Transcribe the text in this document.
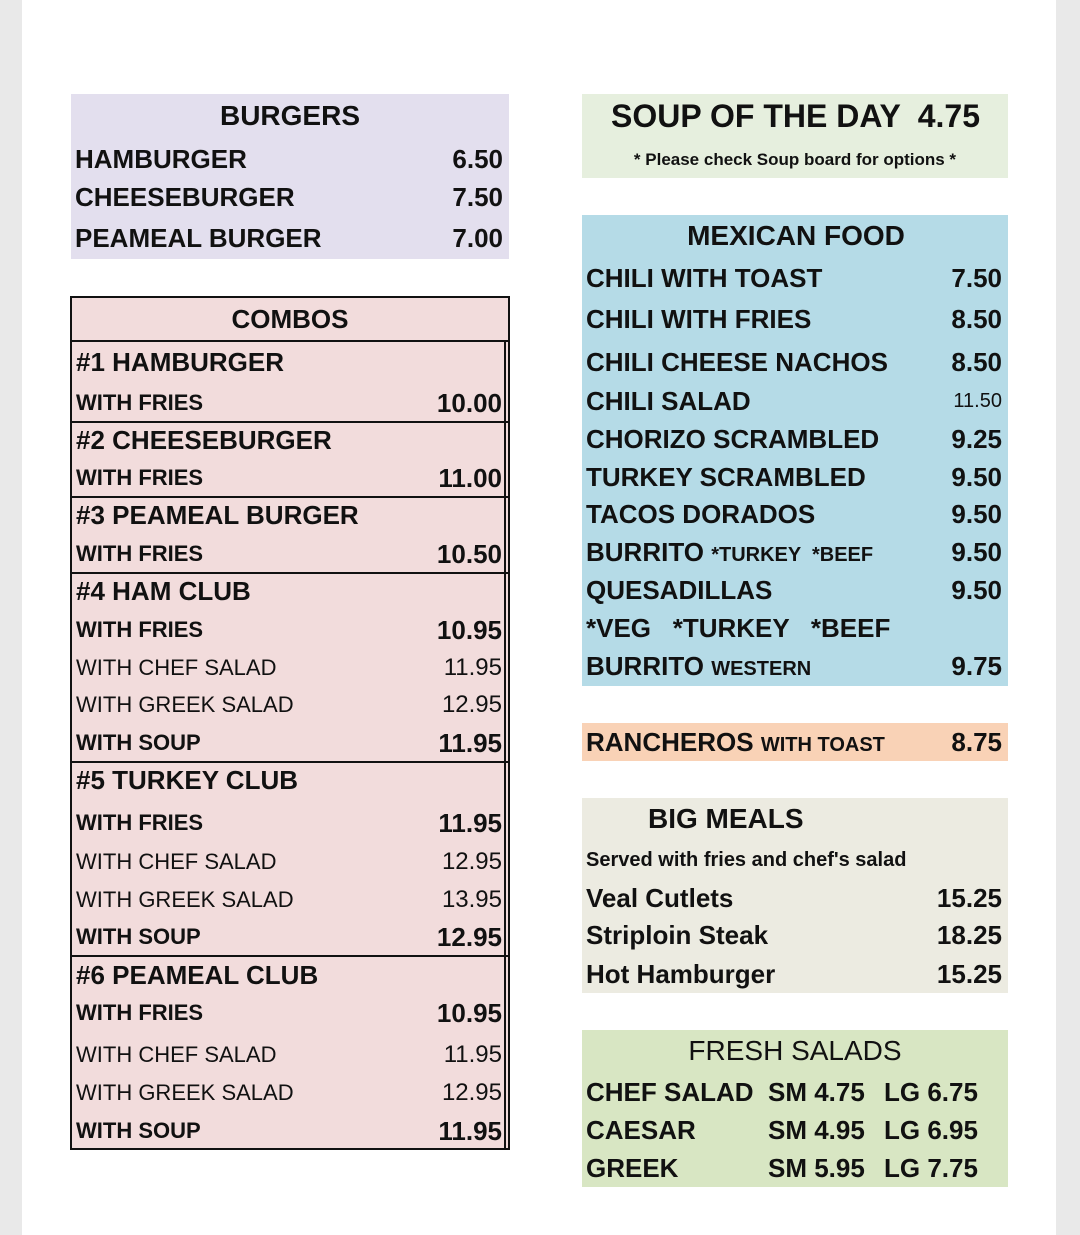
BURGERS
HAMBURGER	6.50
CHEESEBURGER	7.50
PEAMEAL BURGER	7.00
COMBOS
#1 HAMBURGER
WITH FRIES	10.00
#2 CHEESEBURGER
WITH FRIES	11.00
#3 PEAMEAL BURGER
WITH FRIES	10.50
#4 HAM CLUB
WITH FRIES	10.95
WITH CHEF SALAD	11.95
WITH GREEK SALAD	12.95
WITH SOUP	11.95
#5 TURKEY CLUB
WITH FRIES	11.95
WITH CHEF SALAD	12.95
WITH GREEK SALAD	13.95
WITH SOUP	12.95
#6 PEAMEAL CLUB
WITH FRIES	10.95
WITH CHEF SALAD	11.95
WITH GREEK SALAD	12.95
WITH SOUP	11.95
SOUP OF THE DAY 4.75
* Please check Soup board for options *
MEXICAN FOOD
CHILI WITH TOAST	7.50
CHILI WITH FRIES	8.50
CHILI CHEESE NACHOS 8.50
CHILI SALAD	11.50
CHORIZO SCRAMBLED	9.25
TURKEY SCRAMBLED	9.50
TACOS DORADOS	9.50
BURRITO *TURKEY  *BEEF	9.50
QUESADILLAS	9.50
*VEG   *TURKEY   *BEEF
BURRITO WESTERN	9.75
RANCHEROS WITH TOAST	8.75
BIG MEALS
Served with fries and chef's salad
Veal Cutlets	15.25
Striploin Steak	18.25
Hot Hamburger	15.25
FRESH SALADS
CHEF SALAD SM 4.75 LG 6.75
CAESAR	SM 4.95 LG 6.95
GREEK	SM 5.95 LG 7.75
